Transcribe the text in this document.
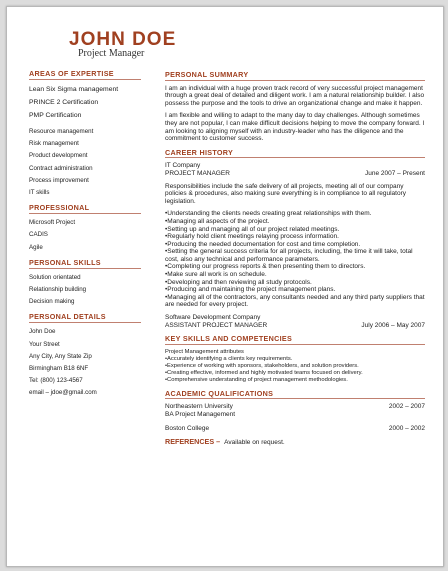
JOHN DOE
Project Manager
AREAS OF EXPERTISE
Lean Six Sigma management
PRINCE 2 Certification
PMP Certification
Resource management
Risk management
Product development
Contract administration
Process improvement
IT skills
PROFESSIONAL
Microsoft Project
CADIS
Agile
PERSONAL SKILLS
Solution orientated
Relationship building
Decision making
PERSONAL DETAILS
John Doe
Your Street
Any City, Any State Zip
Birmingham B18 6NF
Tel: (800) 123-4567
email – jdoe@gmail.com
PERSONAL SUMMARY

I am an individual with a huge proven track record of very successful project management through a great deal of detailed and diligent work. I am a natural relationship builder. I also possess the purpose and the tools to drive an organizational change and make it happen.

I am flexible and willing to adapt to the many day to day challenges. Although sometimes they are not popular, I can make difficult decisions helping to move the company forward. I am looking to aligning myself with an industry-leader who has the diligence and the commitment to customer success.

CAREER HISTORY
IT Company
PROJECT MANAGER	June 2007 – Present

Responsibilities include the safe delivery of all projects, meeting all of our company policies & procedures, also making sure everything is in compliance to all regulatory legislation.

•Understanding the clients needs creating great relationships with them.
•Managing all aspects of the project.
•Setting up and managing all of our project related meetings.
•Regularly hold client meetings relaying process information.
•Producing the needed documentation for cost and time completion.
•Setting the general success criteria for all projects, including, the time it will take, total cost, also any technical and performance parameters.
•Completing our progress reports & then presenting them to directors.
•Make sure all work is on schedule.
•Developing and then reviewing all study protocols.
•Producing and maintaining the project management plans.
•Managing all of the contractors, any consultants needed and any third party suppliers that are needed for every project.
Software Development Company
ASSISTANT PROJECT MANAGER	July 2006 – May 2007
KEY SKILLS AND COMPETENCIES
Project Management attributes
•Accurately identifying a clients key requirements.
•Experience of working with sponsors, stakeholders, and solution providers.
•Creating effective, informed and highly motivated teams focused on delivery.
•Comprehensive understanding of project management methodologies.
ACADEMIC QUALIFICATIONS
Northeastern University	2002 – 2007
BA Project Management
Boston College	2000 – 2002
REFERENCES – Available on request.
